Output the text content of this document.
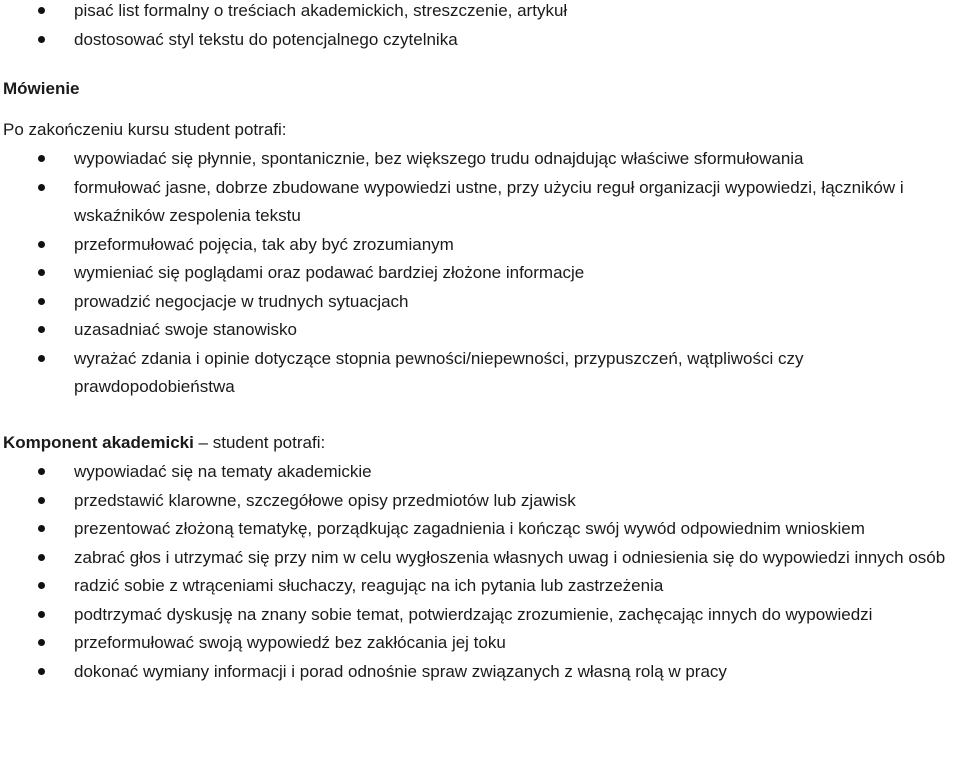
pisać list formalny o treściach akademickich, streszczenie, artykuł
dostosować styl tekstu do potencjalnego czytelnika

Mówienie

Po zakończeniu kursu student potrafi:

wypowiadać się płynnie, spontanicznie, bez większego trudu odnajdując właściwe sformułowania
formułować jasne, dobrze zbudowane wypowiedzi ustne, przy użyciu reguł organizacji wypowiedzi, łączników i wskaźników zespolenia tekstu
przeformułować pojęcia, tak aby być zrozumianym
wymieniać się poglądami oraz podawać bardziej złożone informacje
prowadzić negocjacje w trudnych sytuacjach
uzasadniać swoje stanowisko
wyrażać zdania i opinie dotyczące stopnia pewności/niepewności, przypuszczeń, wątpliwości czy prawdopodobieństwa

Komponent akademicki – student potrafi:

wypowiadać się na tematy akademickie
przedstawić klarowne, szczegółowe opisy przedmiotów lub zjawisk
prezentować złożoną tematykę, porządkując zagadnienia i kończąc swój wywód odpowiednim wnioskiem
zabrać głos i utrzymać się przy nim w celu wygłoszenia własnych uwag i odniesienia się do wypowiedzi innych osób
radzić sobie z wtrąceniami słuchaczy, reagując na ich pytania lub zastrzeżenia
podtrzymać dyskusję na znany sobie temat, potwierdzając zrozumienie, zachęcając innych do wypowiedzi
przeformułować swoją wypowiedź bez zakłócania jej toku
dokonać wymiany informacji i porad odnośnie spraw związanych z własną rolą w pracy
